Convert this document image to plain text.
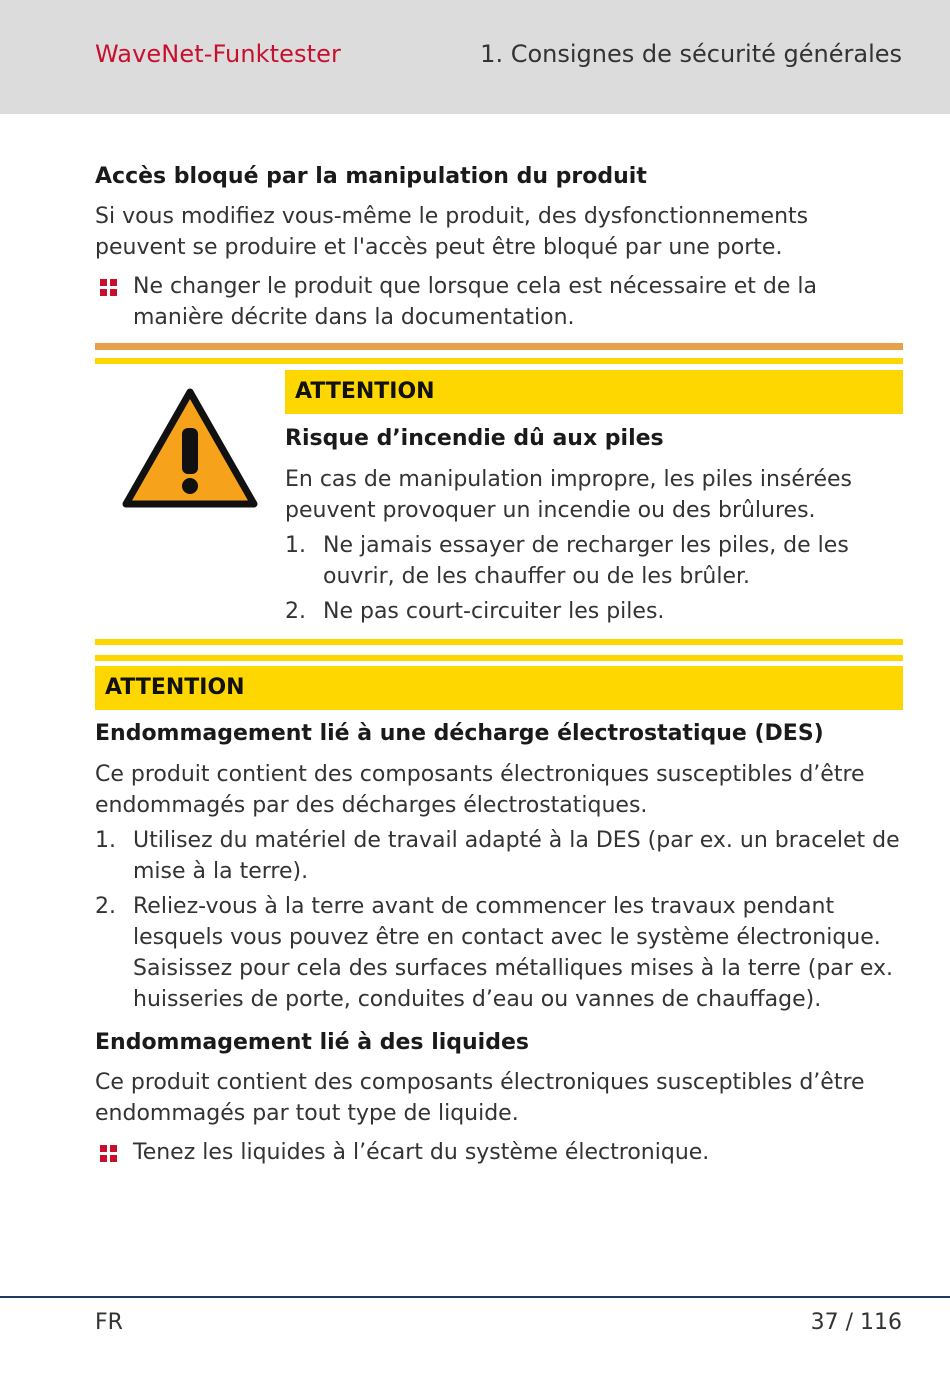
WaveNet-Funktester	1. Consignes de sécurité générales
Accès bloqué par la manipulation du produit

Si vous modifiez vous-même le produit, des dysfonctionnements peuvent se produire et l'accès peut être bloqué par une porte.

Ne changer le produit que lorsque cela est nécessaire et de la manière décrite dans la documentation.
ATTENTION
Risque d’incendie dû aux piles

En cas de manipulation impropre, les piles insérées peuvent provoquer un incendie ou des brûlures.

1. Ne jamais essayer de recharger les piles, de les ouvrir, de les chauffer ou de les brûler.
2. Ne pas court-circuiter les piles.
ATTENTION
Endommagement lié à une décharge électrostatique (DES)

Ce produit contient des composants électroniques susceptibles d’être endommagés par des décharges électrostatiques.

1. Utilisez du matériel de travail adapté à la DES (par ex. un bracelet de mise à la terre).
2. Reliez-vous à la terre avant de commencer les travaux pendant lesquels vous pouvez être en contact avec le système électronique. Saisissez pour cela des surfaces métalliques mises à la terre (par ex. huisseries de porte, conduites d’eau ou vannes de chauffage).
Endommagement lié à des liquides

Ce produit contient des composants électroniques susceptibles d’être endommagés par tout type de liquide.

Tenez les liquides à l’écart du système électronique.
FR	37 / 116
